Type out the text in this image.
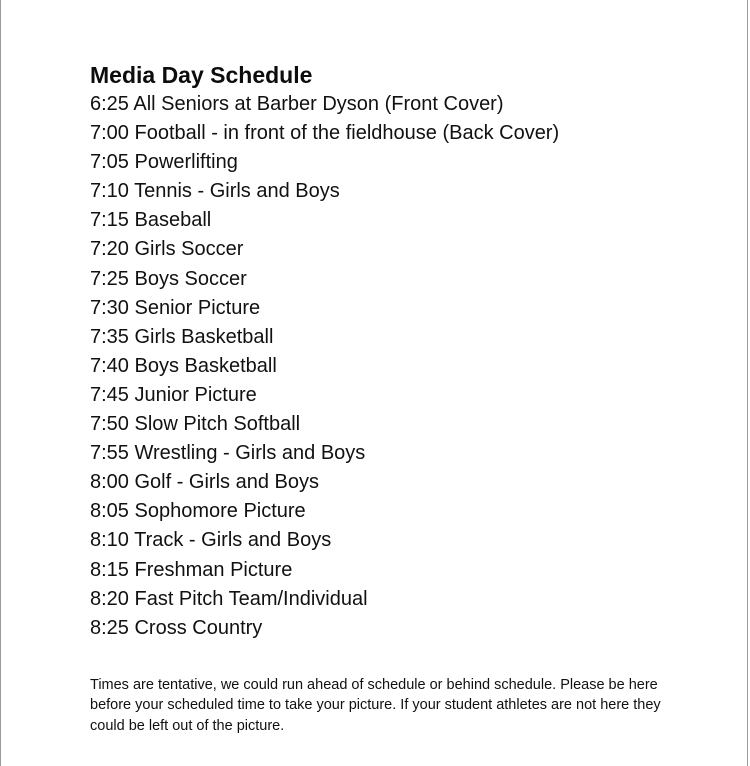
Media Day Schedule
6:25 All Seniors at Barber Dyson (Front Cover)
7:00 Football - in front of the fieldhouse (Back Cover)
7:05 Powerlifting
7:10 Tennis - Girls and Boys
7:15 Baseball
7:20 Girls Soccer
7:25 Boys Soccer
7:30 Senior Picture
7:35 Girls Basketball
7:40 Boys Basketball
7:45 Junior Picture
7:50 Slow Pitch Softball
7:55 Wrestling - Girls and Boys
8:00 Golf - Girls and Boys
8:05 Sophomore Picture
8:10 Track - Girls and Boys
8:15 Freshman Picture
8:20 Fast Pitch Team/Individual
8:25 Cross Country

Times are tentative, we could run ahead of schedule or behind schedule. Please be here before your scheduled time to take your picture. If your student athletes are not here they could be left out of the picture.
